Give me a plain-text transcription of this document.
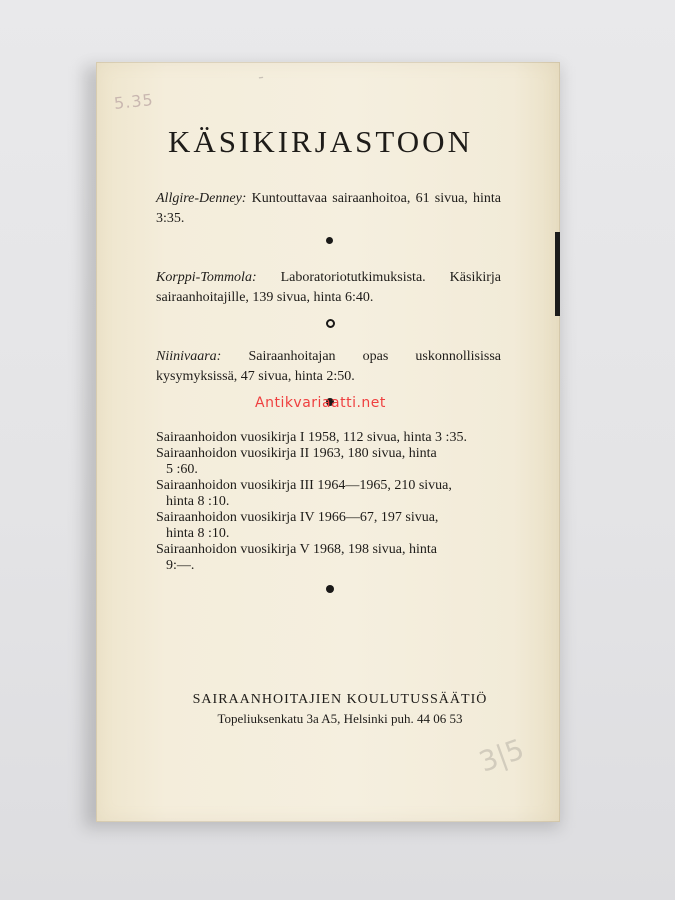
5.35
-
3|5
KÄSIKIRJASTOON

Allgire-Denney: Kuntouttavaa sairaanhoitoa, 61 sivua, hinta 3:35.

Korppi-Tommola: Laboratoriotutkimuksista. Käsikirja sairaanhoitajille, 139 sivua, hinta 6:40.

Niinivaara: Sairaanhoitajan opas uskonnollisissa kysymyksissä, 47 sivua, hinta 2:50.

Sairaanhoidon vuosikirja I 1958, 112 sivua, hinta 3 :35.

Sairaanhoidon vuosikirja II 1963, 180 sivua, hinta
5 :60.

Sairaanhoidon vuosikirja III 1964—1965, 210 sivua,
hinta 8 :10.

Sairaanhoidon vuosikirja IV 1966—67, 197 sivua,
hinta 8 :10.

Sairaanhoidon vuosikirja V 1968, 198 sivua, hinta
9:—.

SAIRAANHOITAJIEN KOULUTUSSÄÄTIÖ
Topeliuksenkatu 3a A5, Helsinki puh. 44 06 53
Antikvariaatti.net
